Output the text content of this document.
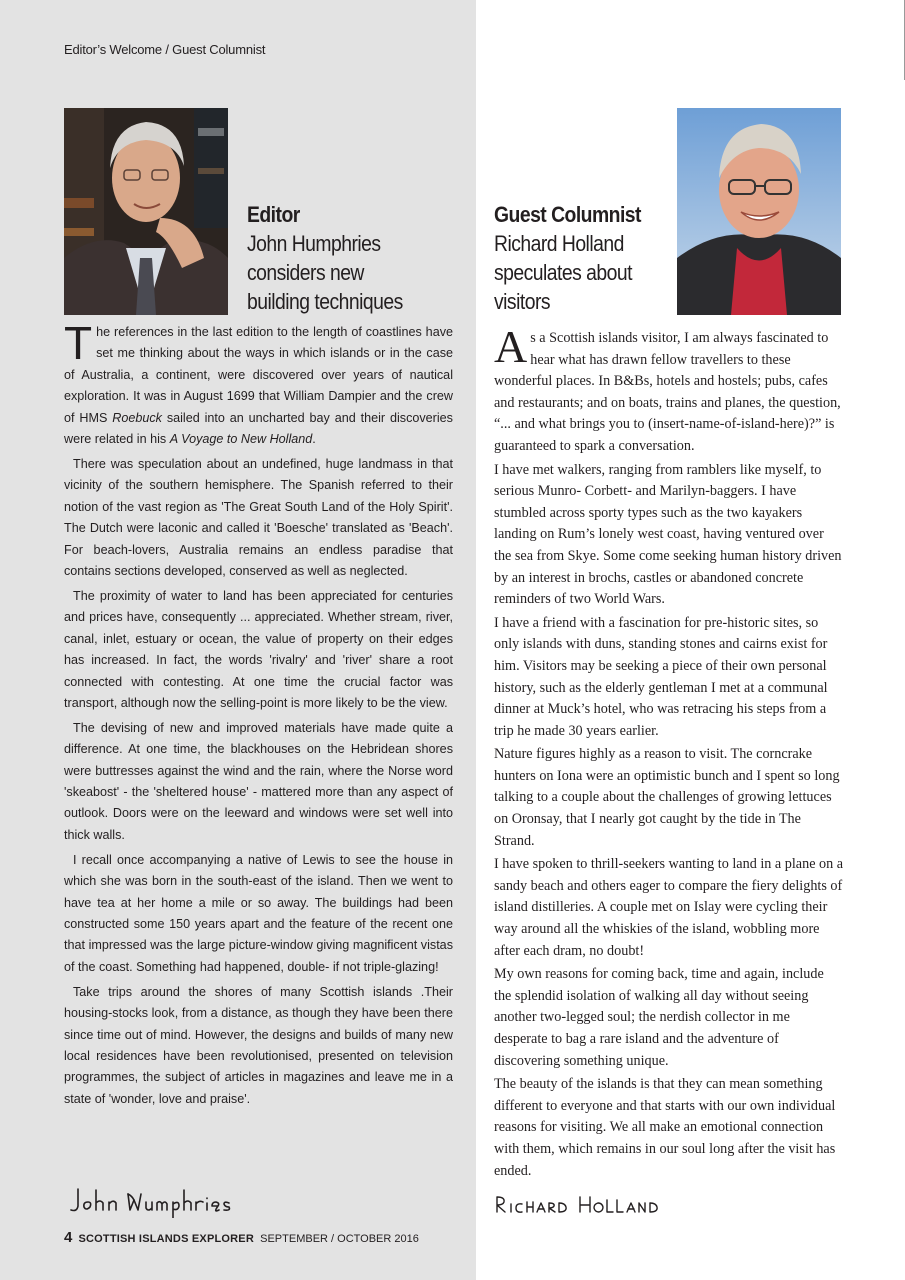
Editor’s Welcome / Guest Columnist
Editor
John Humphries considers new building techniques
Guest Columnist
Richard Holland speculates about visitors

The references in the last edition to the length of coastlines have set me thinking about the ways in which islands or in the case of Australia, a continent, were discovered over years of nautical exploration. It was in August 1699 that William Dampier and the crew of HMS Roebuck sailed into an uncharted bay and their discoveries were related in his A Voyage to New Holland.

There was speculation about an undefined, huge landmass in that vicinity of the southern hemisphere. The Spanish referred to their notion of the vast region as 'The Great South Land of the Holy Spirit'. The Dutch were laconic and called it 'Boesche' translated as 'Beach'. For beach-lovers, Australia remains an endless paradise that contains sections developed, conserved as well as neglected.

The proximity of water to land has been appreciated for centuries and prices have, consequently ... appreciated. Whether stream, river, canal, inlet, estuary or ocean, the value of property on their edges has increased. In fact, the words 'rivalry' and 'river' share a root connected with contesting. At one time the crucial factor was transport, although now the selling-point is more likely to be the view.

The devising of new and improved materials have made quite a difference. At one time, the blackhouses on the Hebridean shores were buttresses against the wind and the rain, where the Norse word 'skeabost' - the 'sheltered house' - mattered more than any aspect of outlook. Doors were on the leeward and windows were set well into thick walls.

I recall once accompanying a native of Lewis to see the house in which she was born in the south-east of the island. Then we went to have tea at her home a mile or so away. The buildings had been constructed some 150 years apart and the feature of the recent one that impressed was the large picture-window giving magnificent vistas of the coast. Something had happened, double- if not triple-glazing!

Take trips around the shores of many Scottish islands .Their housing-stocks look, from a distance, as though they have been there since time out of mind. However, the designs and builds of many new local residences have been revolutionised, presented on television programmes, the subject of articles in magazines and leave me in a state of 'wonder, love and praise'.

As a Scottish islands visitor, I am always fascinated to hear what has drawn fellow travellers to these wonderful places. In B&Bs, hotels and hostels; pubs, cafes and restaurants; and on boats, trains and planes, the question, “... and what brings you to (insert-name-of-island-here)?” is guaranteed to spark a conversation.

I have met walkers, ranging from ramblers like myself, to serious Munro- Corbett- and Marilyn-baggers. I have stumbled across sporty types such as the two kayakers landing on Rum’s lonely west coast, having ventured over the sea from Skye. Some come seeking human history driven by an interest in brochs, castles or abandoned concrete reminders of two World Wars.

I have a friend with a fascination for pre-historic sites, so only islands with duns, standing stones and cairns exist for him. Visitors may be seeking a piece of their own personal history, such as the elderly gentleman I met at a communal dinner at Muck’s hotel, who was retracing his steps from a trip he made 30 years earlier.

Nature figures highly as a reason to visit. The corncrake hunters on Iona were an optimistic bunch and I spent so long talking to a couple about the challenges of growing lettuces on Oronsay, that I nearly got caught by the tide in The Strand.

I have spoken to thrill-seekers wanting to land in a plane on a sandy beach and others eager to compare the fiery delights of island distilleries. A couple met on Islay were cycling their way around all the whiskies of the island, wobbling more after each dram, no doubt!

My own reasons for coming back, time and again, include the splendid isolation of walking all day without seeing another two-legged soul; the nerdish collector in me desperate to bag a rare island and the adventure of discovering something unique.

The beauty of the islands is that they can mean something different to everyone and that starts with our own individual reasons for visiting. We all make an emotional connection with them, which remains in our soul long after the visit has ended.

4 SCOTTISH ISLANDS EXPLORER SEPTEMBER / OCTOBER 2016
